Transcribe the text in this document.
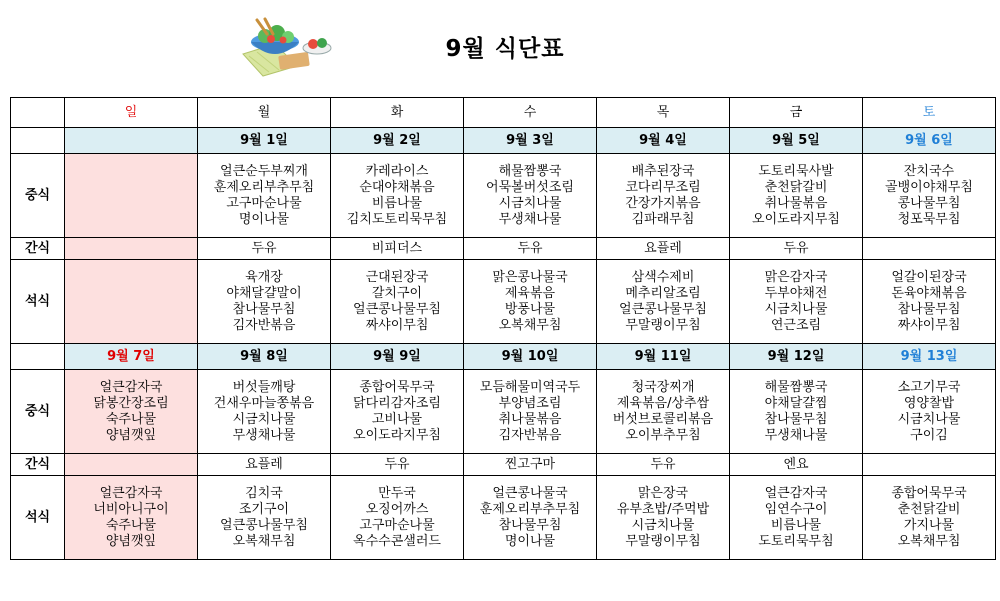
9월 식단표
	일	월	화	수	목	금	토
		9월 1일	9월 2일	9월 3일	9월 4일	9월 5일	9월 6일
중식		얼큰순두부찌개
훈제오리부추무침
고구마순나물
명이나물	카레라이스
순대야채볶음
비름나물
김치도토리묵무침	해물짬뽕국
어묵볼버섯조림
시금치나물
무생채나물	배추된장국
코다리무조림
간장가지볶음
김파래무침	도토리묵사발
춘천닭갈비
취나물볶음
오이도라지무침	잔치국수
골뱅이야채무침
콩나물무침
청포묵무침

간식		두유	비피더스	두유	요플레	두유	
석식		육개장
야채달걀말이
참나물무침
김자반볶음	근대된장국
갈치구이
얼큰콩나물무침
짜샤이무침	맑은콩나물국
제육볶음
방풍나물
오복채무침	삼색수제비
메추리알조림
얼큰콩나물무침
무말랭이무침	맑은감자국
두부야채전
시금치나물
연근조림	얼갈이된장국
돈육야채볶음
참나물무침
짜샤이무침

	9월 7일	9월 8일	9월 9일	9월 10일	9월 11일	9월 12일	9월 13일
중식	얼큰감자국
닭봉간장조림
숙주나물
양념깻잎	버섯들깨탕
건새우마늘쫑볶음
시금치나물
무생채나물	종합어묵무국
닭다리감자조림
고비나물
오이도라지무침	모듬해물미역국두
부양념조림
취나물볶음
김자반볶음	청국장찌개
제육볶음/상추쌈
버섯브로콜리볶음
오이부추무침	해물짬뽕국
야채달걀찜
참나물무침
무생채나물	소고기무국
영양찰밥
시금치나물
구이김

간식		요플레	두유	찐고구마	두유	엔요	
석식	얼큰감자국
너비아니구이
숙주나물
양념깻잎	김치국
조기구이
얼큰콩나물무침
오복채무침	만두국
오징어까스
고구마순나물
옥수수콘샐러드	얼큰콩나물국
훈제오리부추무침
참나물무침
명이나물	맑은장국
유부초밥/주먹밥
시금치나물
무말랭이무침	얼큰감자국
임연수구이
비름나물
도토리묵무침	종합어묵무국
춘천닭갈비
가지나물
오복채무침
